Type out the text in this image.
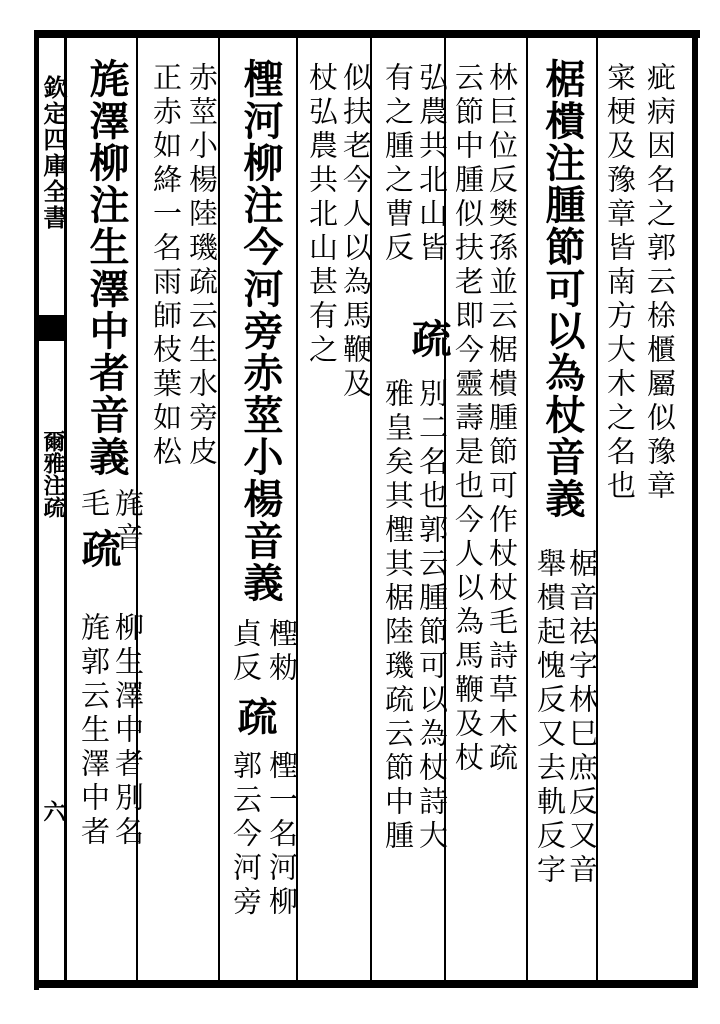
欽定四庫全書
爾雅注疏
六
疵病因名之郭云梌櫃屬似豫章
寀梗及豫章皆南方大木之名也
椐樻注腫節可以為杖音義
椐音祛字林巳庶反又音
舉樻起愧反又去軌反字
林巨位反樊孫並云椐樻腫節可作杖杖毛詩草木疏
云節中腫似扶老即今靈壽是也今人以為馬鞭及杖
弘農共北山皆
疏
別二名也郭云腫節可以為杖詩大
有之腫之曹反
雅皇矣其檉其椐陸璣疏云節中腫
似扶老今人以為馬鞭及
杖弘農共北山甚有之
檉河柳注今河旁赤莖小楊音義
檉勑
貞反
疏
檉一名河柳
郭云今河旁
赤莖小楊陸璣疏云生水旁皮
正赤如絳一名雨師枝葉如松
旄澤柳注生澤中者音義
旄音
毛
疏
柳生澤中者別名
旄郭云生澤中者
